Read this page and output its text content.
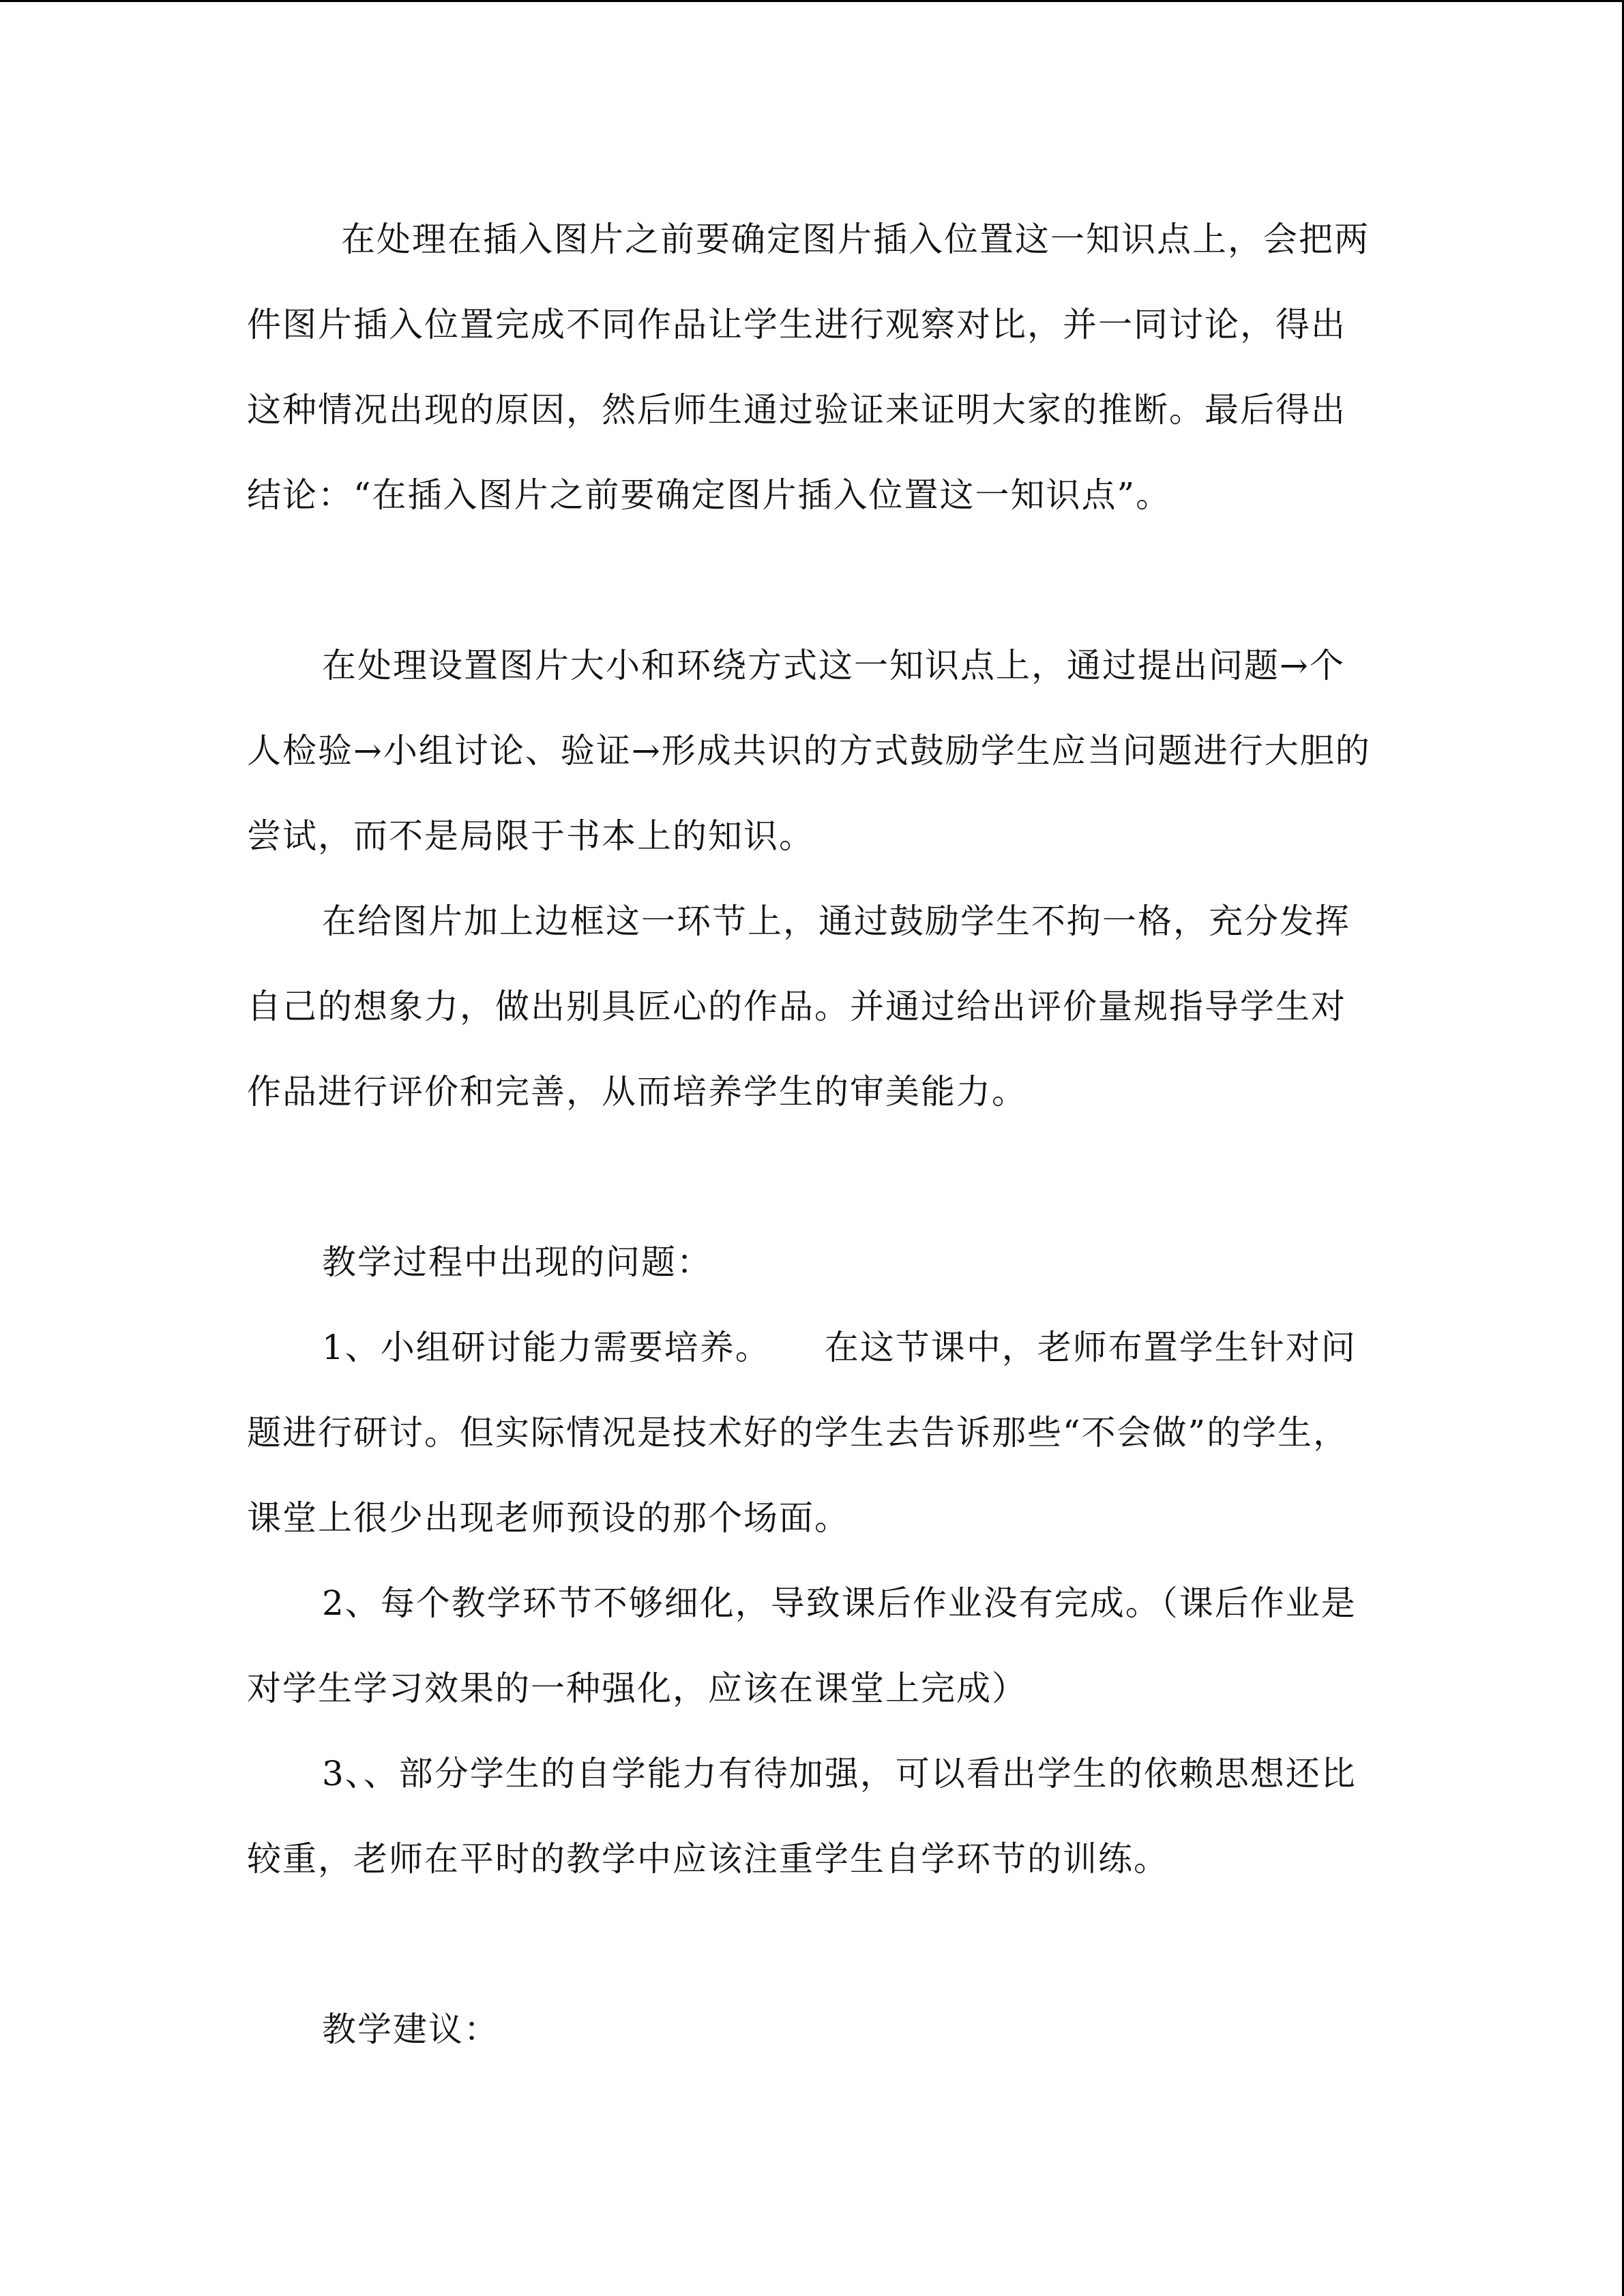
在处理在插入图片之前要确定图片插入位置这一知识点上，会把两件图片插入位置完成不同作品让学生进行观察对比，并一同讨论，得出这种情况出现的原因，然后师生通过验证来证明大家的推断。最后得出结论：“在插入图片之前要确定图片插入位置这一知识点”。

在处理设置图片大小和环绕方式这一知识点上，通过提出问题→个人检验→小组讨论、验证→形成共识的方式鼓励学生应当问题进行大胆的尝试，而不是局限于书本上的知识。

在给图片加上边框这一环节上，通过鼓励学生不拘一格，充分发挥自己的想象力，做出别具匠心的作品。并通过给出评价量规指导学生对作品进行评价和完善，从而培养学生的审美能力。

教学过程中出现的问题：

1、小组研讨能力需要培养。　　在这节课中，老师布置学生针对问题进行研讨。但实际情况是技术好的学生去告诉那些“不会做”的学生，课堂上很少出现老师预设的那个场面。

2、每个教学环节不够细化，导致课后作业没有完成。（课后作业是对学生学习效果的一种强化，应该在课堂上完成）

3、、部分学生的自学能力有待加强，可以看出学生的依赖思想还比较重，老师在平时的教学中应该注重学生自学环节的训练。

教学建议：
